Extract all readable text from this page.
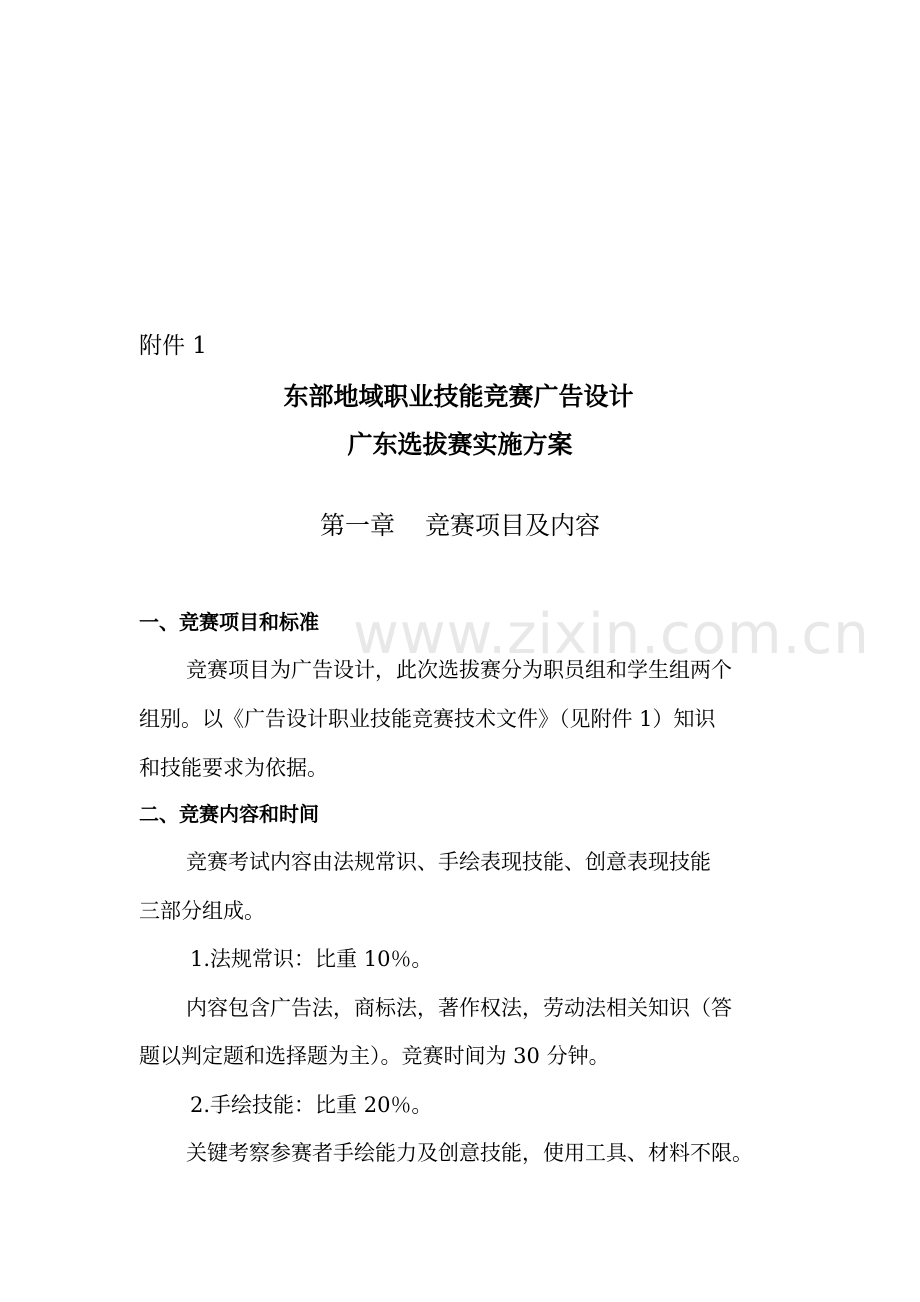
www.zixin.com.cn
附件 1
东部地域职业技能竞赛广告设计
广东选拔赛实施方案
第一章 竞赛项目及内容
一、竞赛项目和标准
竞赛项目为广告设计，此次选拔赛分为职员组和学生组两个
组别。以《广告设计职业技能竞赛技术文件》（见附件 1）知识
和技能要求为依据。
二、竞赛内容和时间
竞赛考试内容由法规常识、手绘表现技能、创意表现技能
三部分组成。
1.法规常识：比重 10％。
内容包含广告法，商标法，著作权法，劳动法相关知识（答
题以判定题和选择题为主）。竞赛时间为 30 分钟。
2.手绘技能：比重 20％。
关键考察参赛者手绘能力及创意技能，使用工具、材料不限。
